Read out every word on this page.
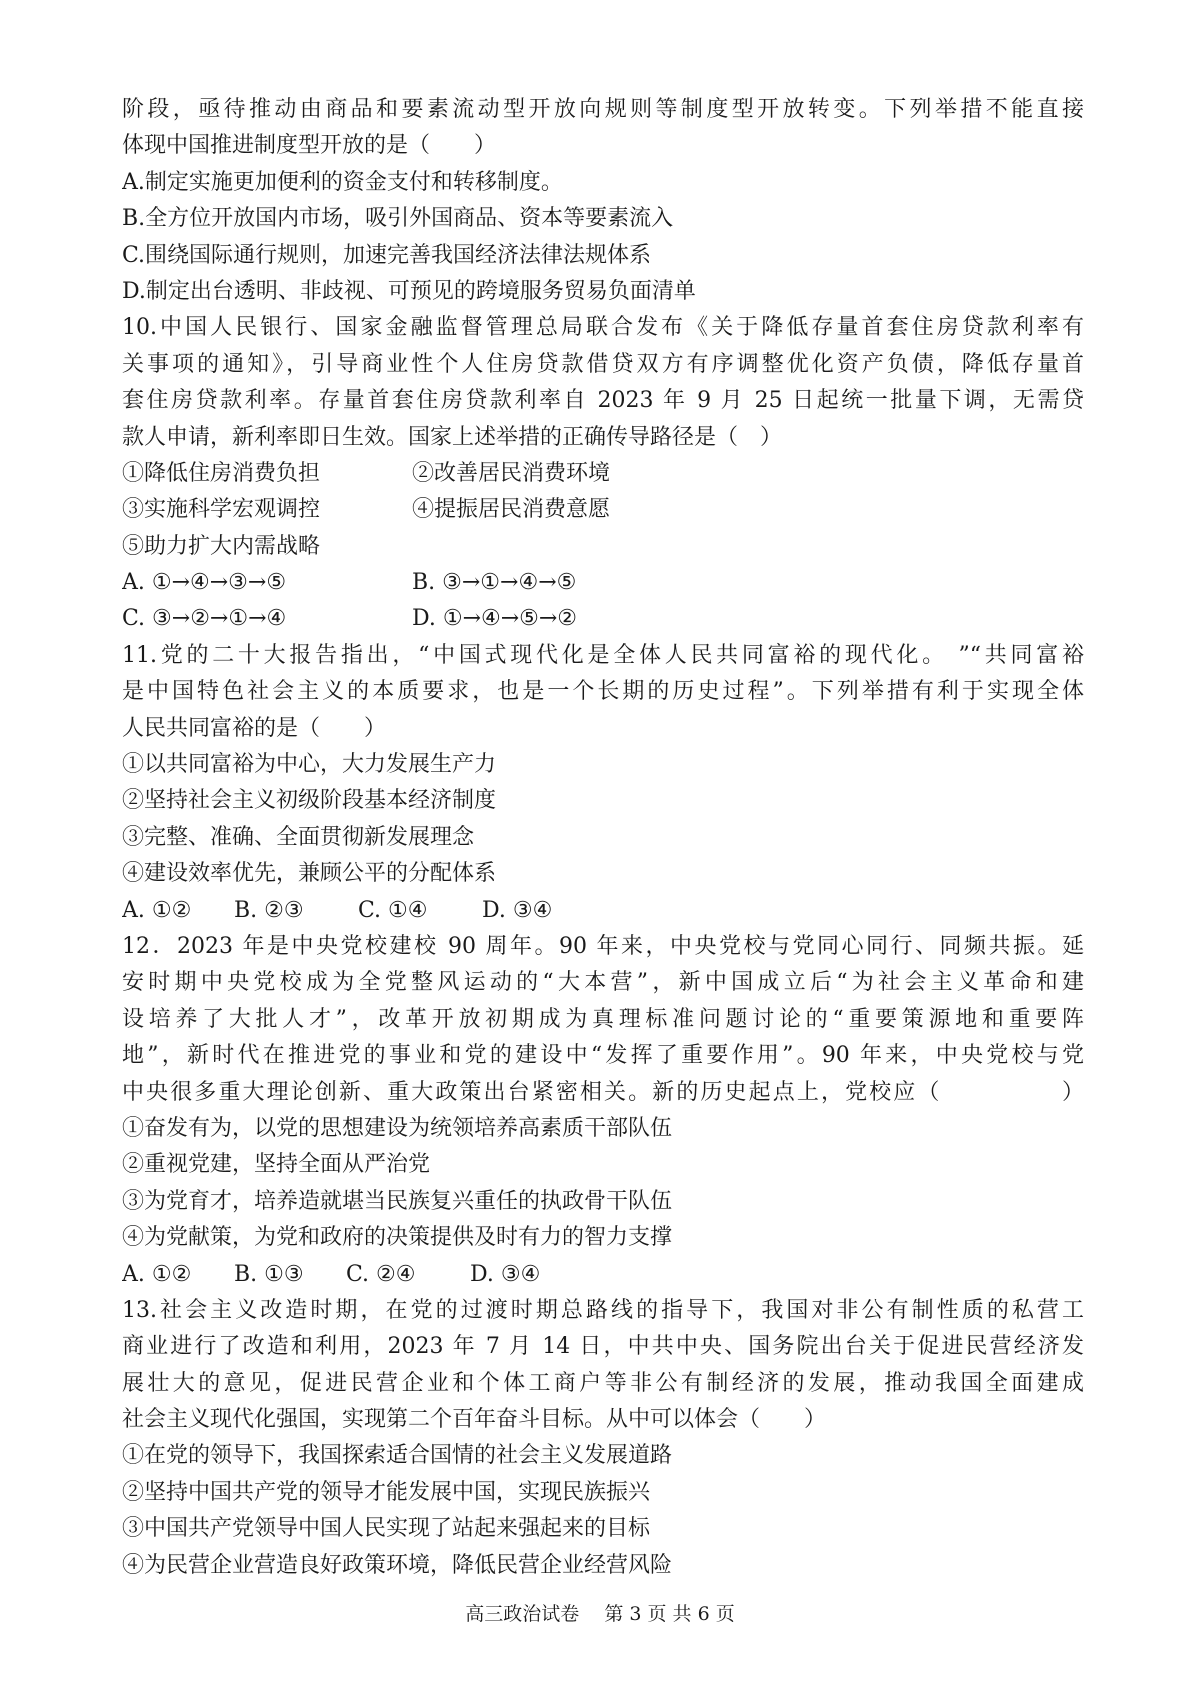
阶段，亟待推动由商品和要素流动型开放向规则等制度型开放转变。下列举措不能直接
体现中国推进制度型开放的是（　　）
A.制定实施更加便利的资金支付和转移制度。
B.全方位开放国内市场，吸引外国商品、资本等要素流入
C.围绕国际通行规则，加速完善我国经济法律法规体系
D.制定出台透明、非歧视、可预见的跨境服务贸易负面清单
10.中国人民银行、国家金融监督管理总局联合发布《关于降低存量首套住房贷款利率有
关事项的通知》，引导商业性个人住房贷款借贷双方有序调整优化资产负债，降低存量首
套住房贷款利率。存量首套住房贷款利率自 2023 年 9 月 25 日起统一批量下调，无需贷
款人申请，新利率即日生效。国家上述举措的正确传导路径是（　）
①降低住房消费负担	②改善居民消费环境
③实施科学宏观调控	④提振居民消费意愿
⑤助力扩大内需战略
A. ①→④→③→⑤	B. ③→①→④→⑤
C. ③→②→①→④	D. ①→④→⑤→②
11.党的二十大报告指出，“中国式现代化是全体人民共同富裕的现代化。 ”“共同富裕
是中国特色社会主义的本质要求，也是一个长期的历史过程”。下列举措有利于实现全体
人民共同富裕的是（　　）
①以共同富裕为中心，大力发展生产力
②坚持社会主义初级阶段基本经济制度
③完整、准确、全面贯彻新发展理念
④建设效率优先，兼顾公平的分配体系
A. ①② B. ②③ C. ①④ D. ③④
12．2023 年是中央党校建校 90 周年。90 年来，中央党校与党同心同行、同频共振。延
安时期中央党校成为全党整风运动的“大本营”，新中国成立后“为社会主义革命和建
设培养了大批人才”，改革开放初期成为真理标准问题讨论的“重要策源地和重要阵
地”，新时代在推进党的事业和党的建设中“发挥了重要作用”。90 年来，中央党校与党
中央很多重大理论创新、重大政策出台紧密相关。新的历史起点上，党校应（　　　　　）
①奋发有为，以党的思想建设为统领培养高素质干部队伍
②重视党建，坚持全面从严治党
③为党育才，培养造就堪当民族复兴重任的执政骨干队伍
④为党献策，为党和政府的决策提供及时有力的智力支撑
A. ①② B. ①③ C. ②④ D. ③④
13.社会主义改造时期，在党的过渡时期总路线的指导下，我国对非公有制性质的私营工
商业进行了改造和利用，2023 年 7 月 14 日，中共中央、国务院出台关于促进民营经济发
展壮大的意见，促进民营企业和个体工商户等非公有制经济的发展，推动我国全面建成
社会主义现代化强国，实现第二个百年奋斗目标。从中可以体会（　　）
①在党的领导下，我国探索适合国情的社会主义发展道路
②坚持中国共产党的领导才能发展中国，实现民族振兴
③中国共产党领导中国人民实现了站起来强起来的目标
④为民营企业营造良好政策环境，降低民营企业经营风险
高三政治试卷　 第 3 页 共 6 页
